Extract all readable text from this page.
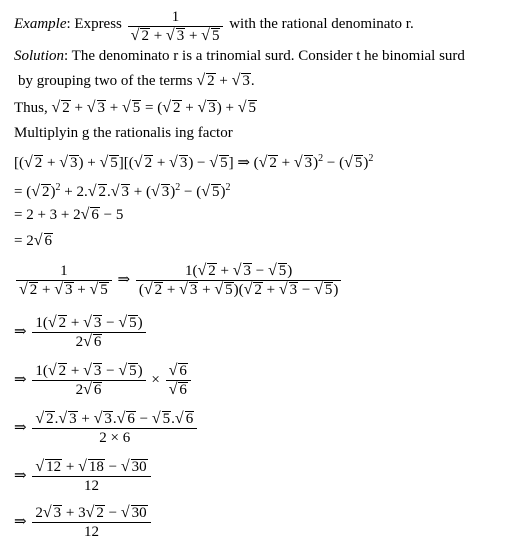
Example: Express $\frac{1}{√ 2 + √ 3 + √ 5}$ with the rational denominato r.
Solution: The denominato r is a trinomial surd. Consider t he binomial surd
by grouping two of the terms √ 2 + √ 3.
Thus, √ 2 + √ 3 + √ 5 = (√ 2 + √ 3) + √ 5
Multiplyin g the rationalis ing factor
[(√ 2 + √ 3) + √ 5][(√ 2 + √ 3) − √ 5] ⇒ (√ 2 + √ 3)$^2$ − (√ 5)$^2$
= (√ 2)$^2$ + 2.√ 2.√ 3 + (√ 3)$^2$ − (√ 5)$^2$
= 2 + 3 + 2√ 6 − 5
= 2√ 6
$\frac{1}{√ 2 + √ 3 + √ 5}$ ⇒ $\frac{1(√ 2 + √ 3 - √ 5)}{(√ 2 + √ 3 + √ 5)(√ 2 + √ 3 - √ 5)}$
⇒ $\frac{1(√ 2 + √ 3 - √ 5)}{2√ 6}$
⇒ $\frac{1(√ 2 + √ 3 - √ 5)}{2√ 6} \times \frac{√ 6}{√ 6}$
⇒ $\frac{√ 2.√ 3 + √ 3.√ 6 - √ 5.√ 6}{2 \times 6}$
⇒ $\frac{√ 12 + √ 18 - √ 30}{12}$
⇒ $\frac{2√ 3 + 3√ 2 - √ 30}{12}$
